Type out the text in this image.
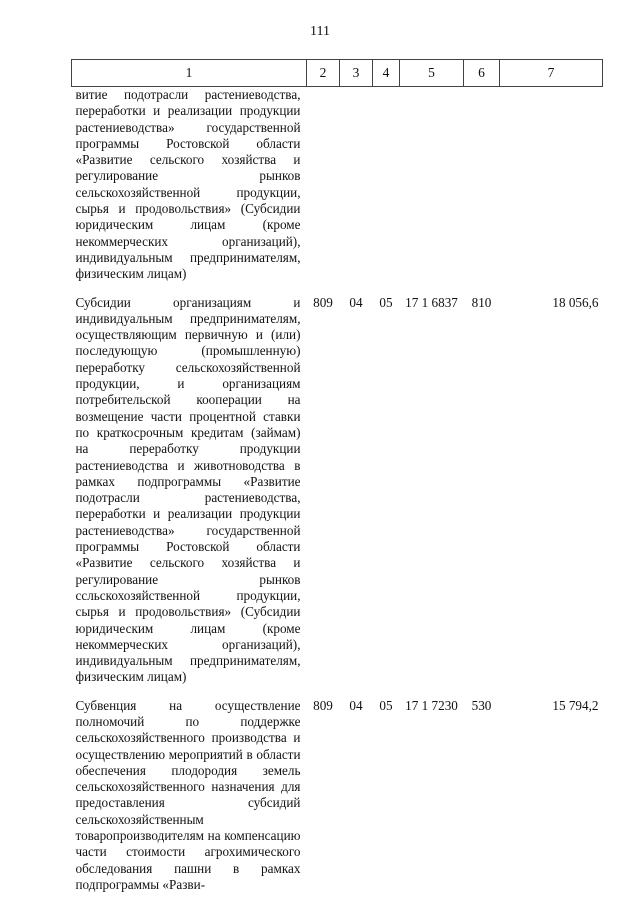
111
1	2	3	4	5	6	7
витие подотрасли растениеводства, переработки и реализации продукции растениеводства» государственной программы Ростовской области «Развитие сельского хозяйства и регулирование рынков сельскохозяйственной продукции, сырья и продовольствия» (Субсидии юридическим лицам (кроме некоммерческих организаций), индивидуальным предпринимателям, физическим лицам)						

Субсидии организациям и индивидуальным предпринимателям, осуществляющим первичную и (или) последующую (промышленную) переработку сельскохозяйственной продукции, и организациям потребительской кооперации на возмещение части процентной ставки по краткосрочным кредитам (займам) на переработку продукции растениеводства и животноводства в рамках подпрограммы «Развитие подотрасли растениеводства, переработки и реализации продукции растениеводства» государственной программы Ростовской области «Развитие сельского хозяйства и регулирование рынков ссльскохозяйственной продукции, сырья и продовольствия» (Субсидии юридическим лицам (кроме некоммерческих организаций), индивидуальным предпринимателям, физическим лицам)	809	04	05	17 1 6837	810	18 056,6

Субвенция на осуществление полномочий по поддержке сельскохозяйственного производства и осуществлению мероприятий в области обеспечения плодородия земель сельскохозяйственного назначения для предоставления субсидий сельскохозяйственным товаропроизводителям на компенсацию части стоимости агрохимического обследования пашни в рамках подпрограммы «Разви-	809	04	05	17 1 7230	530	15 794,2
